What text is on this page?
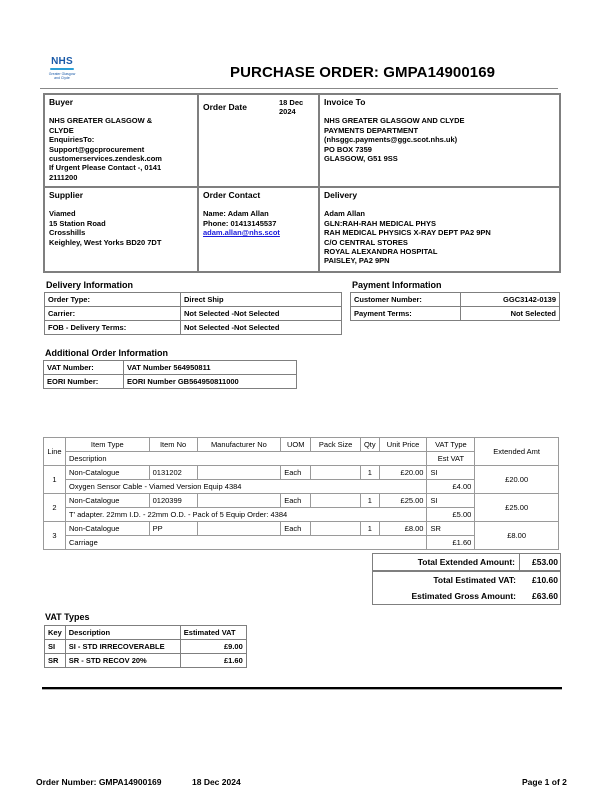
NHS
Greater Glasgow
and Clyde	PURCHASE ORDER: GMPA14900169
Buyer
NHS GREATER GLASGOW &
CLYDE
EnquiriesTo:
Support@ggcprocurement
customerservices.zendesk.com
If Urgent Please Contact -, 0141
2111200
Order Date	18 Dec
2024
Invoice To
NHS GREATER GLASGOW AND CLYDE
PAYMENTS DEPARTMENT
(nhsggc.payments@ggc.scot.nhs.uk)
PO BOX 7359
GLASGOW, G51 9SS
Supplier
Viamed
15 Station Road
Crosshills
Keighley, West Yorks BD20 7DT
Order Contact
Name: Adam Allan
Phone: 01413145537
adam.allan@nhs.scot
Delivery
Adam Allan
GLN:RAH-RAH MEDICAL PHYS
RAH MEDICAL PHYSICS X-RAY DEPT PA2 9PN
C/O CENTRAL STORES
ROYAL ALEXANDRA HOSPITAL
PAISLEY, PA2 9PN
Delivery Information
Order Type:	Direct Ship
Carrier:	Not Selected -Not Selected
FOB - Delivery Terms:	Not Selected -Not Selected
Payment Information
Customer Number:	GGC3142-0139
Payment Terms:	Not Selected
Additional Order Information
VAT Number:	VAT Number 564950811
EORI Number:	EORI Number GB564950811000
Line	Item Type	Item No	Manufacturer No	UOM	Pack Size	Qty	Unit Price	VAT Type	Extended Amt
	Description							Est VAT	
1	Non-Catalogue	0131202		Each		1	£20.00	SI	£20.00
	Oxygen Sensor Cable - Viamed Version Equip 4384							£4.00	
2	Non-Catalogue	0120399		Each		1	£25.00	SI	£25.00
	T' adapter. 22mm I.D. - 22mm O.D. - Pack of 5 Equip Order: 4384							£5.00	
3	Non-Catalogue	PP		Each		1	£8.00	SR	£8.00
	Carriage							£1.60	
Total Extended Amount:	£53.00
Total Estimated VAT:	£10.60
Estimated Gross Amount:	£63.60
VAT Types
Key	Description	Estimated VAT
SI	SI - STD IRRECOVERABLE	£9.00
SR	SR - STD RECOV 20%	£1.60
Order Number: GMPA14900169	18 Dec 2024	Page 1 of 2
